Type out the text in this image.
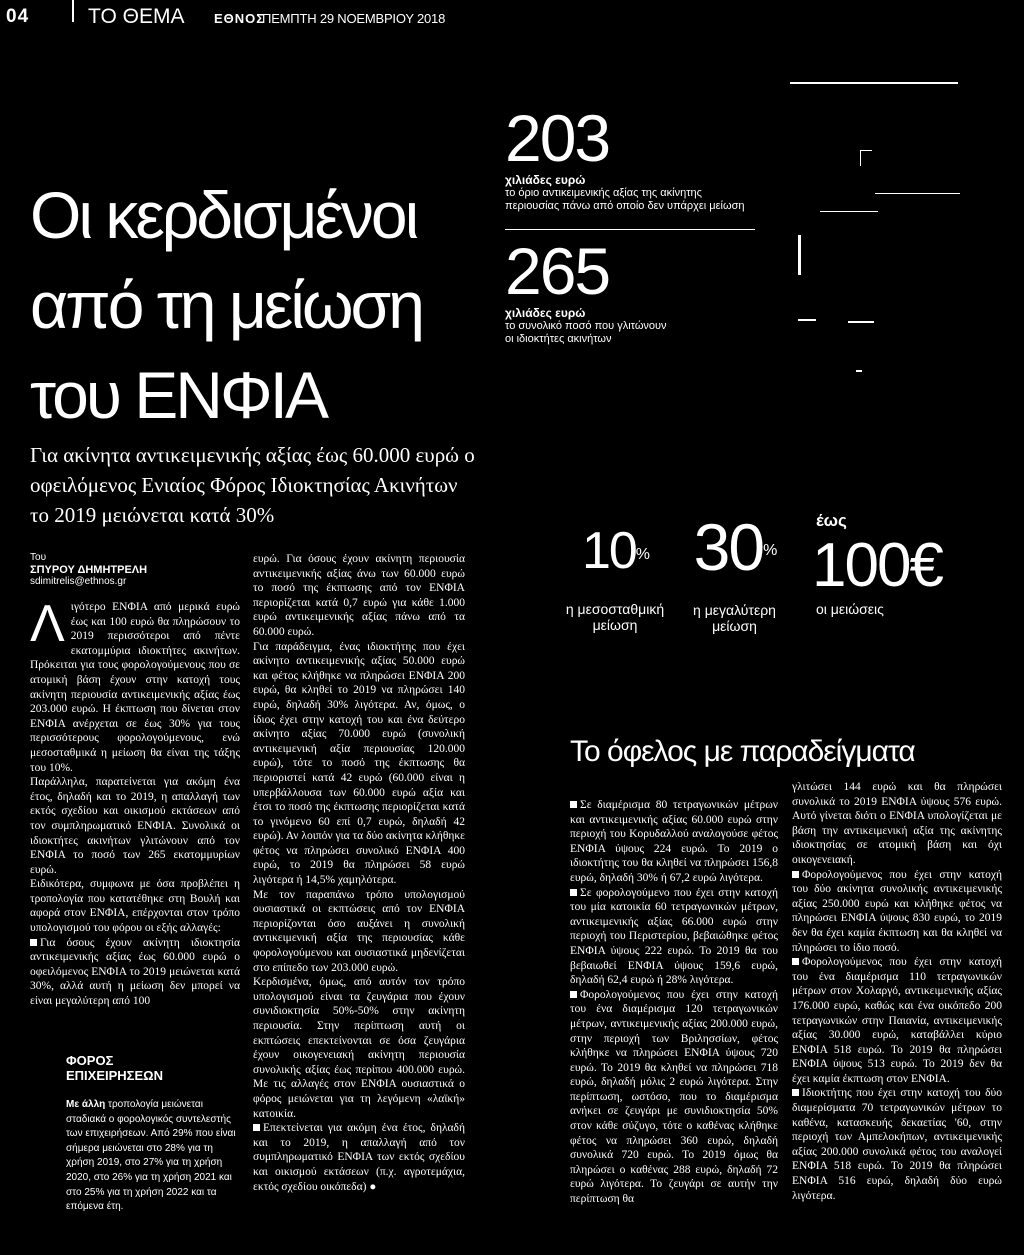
04	ΤΟ ΘΕΜΑ ΕΘΝΟΣ
ΠΕΜΠΤΗ 29 ΝΟΕΜΒΡΙΟΥ 2018
Οι κερδισμένοι
από τη μείωση
του ΕΝΦΙΑ
Για ακίνητα αντικειμενικής αξίας έως 60.000 ευρώ ο οφειλόμενος Ενιαίος Φόρος Ιδιοκτησίας Ακινήτων το 2019 μειώνεται κατά 30%
203
χιλιάδες ευρώ
το όριο αντικειμενικής αξίας της ακίνητης
περιουσίας πάνω από οποίο δεν υπάρχει μείωση
265
χιλιάδες ευρώ
το συνολικό ποσό που γλιτώνουν
οι ιδιοκτήτες ακινήτων
10%
η μεσοσταθμική
μείωση
30%
η μεγαλύτερη
μείωση
έως
100€
οι μειώσεις
Του
ΣΠΥΡΟΥ ΔΗΜΗΤΡΕΛΗ
sdimitrelis@ethnos.gr

Λιγότερο ΕΝΦΙΑ από μερικά ευρώ έως και 100 ευρώ θα πληρώσουν το 2019 περισσότεροι από πέντε εκατομμύρια ιδιοκτήτες ακινήτων. Πρόκειται για τους φορολογούμενους που σε ατομική βάση έχουν στην κατοχή τους ακίνητη περιουσία αντικειμενικής αξίας έως 203.000 ευρώ. Η έκπτωση που δίνεται στον ΕΝΦΙΑ ανέρχεται σε έως 30% για τους περισσότερους φορολογούμενους, ενώ μεσοσταθμικά η μείωση θα είναι της τάξης του 10%.

Παράλληλα, παρατείνεται για ακόμη ένα έτος, δηλαδή και το 2019, η απαλλαγή των εκτός σχεδίου και οικισμού εκτάσεων από τον συμπληρωματικό ΕΝΦΙΑ. Συνολικά οι ιδιοκτήτες ακινήτων γλιτώνουν από τον ΕΝΦΙΑ το ποσό των 265 εκατομμυρίων ευρώ.

Ειδικότερα, συμφωνα με όσα προβλέπει η τροπολογία που κατατέθηκε στη Βουλή και αφορά στον ΕΝΦΙΑ, επέρχονται στον τρόπο υπολογισμού του φόρου οι εξής αλλαγές:

Για όσους έχουν ακίνητη ιδιοκτησία αντικειμενικής αξίας έως 60.000 ευρώ ο οφειλόμενος ΕΝΦΙΑ το 2019 μειώνεται κατά 30%, αλλά αυτή η μείωση δεν μπορεί να είναι μεγαλύτερη από 100

ΦΟΡΟΣ
ΕΠΙΧΕΙΡΗΣΕΩΝ
Με άλλη τροπολογία μειώνεται σταδιακά ο φορολογικός συντελεστής των επιχειρήσεων. Από 29% που είναι σήμερα μειώνεται στο 28% για τη χρήση 2019, στο 27% για τη χρήση 2020, στο 26% για τη χρήση 2021 και στο 25% για τη χρήση 2022 και τα επόμενα έτη.

ευρώ. Για όσους έχουν ακίνητη περιουσία αντικειμενικής αξίας άνω των 60.000 ευρώ το ποσό της έκπτωσης από τον ΕΝΦΙΑ περιορίζεται κατά 0,7 ευρώ για κάθε 1.000 ευρώ αντικειμενικής αξίας πάνω από τα 60.000 ευρώ.

Για παράδειγμα, ένας ιδιοκτήτης που έχει ακίνητο αντικειμενικής αξίας 50.000 ευρώ και φέτος κλήθηκε να πληρώσει ΕΝΦΙΑ 200 ευρώ, θα κληθεί το 2019 να πληρώσει 140 ευρώ, δηλαδή 30% λιγότερα. Αν, όμως, ο ίδιος έχει στην κατοχή του και ένα δεύτερο ακίνητο αξίας 70.000 ευρώ (συνολική αντικειμενική αξία περιουσίας 120.000 ευρώ), τότε το ποσό της έκπτωσης θα περιοριστεί κατά 42 ευρώ (60.000 είναι η υπερβάλλουσα των 60.000 ευρώ αξία και έτσι το ποσό της έκπτωσης περιορίζεται κατά το γινόμενο 60 επί 0,7 ευρώ, δηλαδή 42 ευρώ). Αν λοιπόν για τα δύο ακίνητα κλήθηκε φέτος να πληρώσει συνολικό ΕΝΦΙΑ 400 ευρώ, το 2019 θα πληρώσει 58 ευρώ λιγότερα ή 14,5% χαμηλότερα.

Με τον παραπάνω τρόπο υπολογισμού ουσιαστικά οι εκπτώσεις από τον ΕΝΦΙΑ περιορίζονται όσο αυξάνει η συνολική αντικειμενική αξία της περιουσίας κάθε φορολογούμενου και ουσιαστικά μηδενίζεται στο επίπεδο των 203.000 ευρώ.

Κερδισμένα, όμως, από αυτόν τον τρόπο υπολογισμού είναι τα ζευγάρια που έχουν συνιδιοκτησία 50%-50% στην ακίνητη περιουσία. Στην περίπτωση αυτή οι εκπτώσεις επεκτείνονται σε όσα ζευγάρια έχουν οικογενειακή ακίνητη περιουσία συνολικής αξίας έως περίπου 400.000 ευρώ. Με τις αλλαγές στον ΕΝΦΙΑ ουσιαστικά ο φόρος μειώνεται για τη λεγόμενη «λαϊκή» κατοικία.

Επεκτείνεται για ακόμη ένα έτος, δηλαδή και το 2019, η απαλλαγή από τον συμπληρωματικό ΕΝΦΙΑ των εκτός σχεδίου και οικισμού εκτάσεων (π.χ. αγροτεμάχια, εκτός σχεδίου οικόπεδα) ●

Το όφελος με παραδείγματα

Σε διαμέρισμα 80 τετραγωνικών μέτρων και αντικειμενικής αξίας 60.000 ευρώ στην περιοχή του Κορυδαλλού αναλογούσε φέτος ΕΝΦΙΑ ύψους 224 ευρώ. Το 2019 ο ιδιοκτήτης του θα κληθεί να πληρώσει 156,8 ευρώ, δηλαδή 30% ή 67,2 ευρώ λιγότερα.

Σε φορολογούμενο που έχει στην κατοχή του μία κατοικία 60 τετραγωνικών μέτρων, αντικειμενικής αξίας 66.000 ευρώ στην περιοχή του Περιστερίου, βεβαιώθηκε φέτος ΕΝΦΙΑ ύψους 222 ευρώ. Το 2019 θα του βεβαιωθεί ΕΝΦΙΑ ύψους 159,6 ευρώ, δηλαδή 62,4 ευρώ ή 28% λιγότερα.

Φορολογούμενος που έχει στην κατοχή του ένα διαμέρισμα 120 τετραγωνικών μέτρων, αντικειμενικής αξίας 200.000 ευρώ, στην περιοχή των Βριλησσίων, φέτος κλήθηκε να πληρώσει ΕΝΦΙΑ ύψους 720 ευρώ. Το 2019 θα κληθεί να πληρώσει 718 ευρώ, δηλαδή μόλις 2 ευρώ λιγότερα. Στην περίπτωση, ωστόσο, που το διαμέρισμα ανήκει σε ζευγάρι με συνιδιοκτησία 50% στον κάθε σύζυγο, τότε ο καθένας κλήθηκε φέτος να πληρώσει 360 ευρώ, δηλαδή συνολικά 720 ευρώ. Το 2019 όμως θα πληρώσει ο καθένας 288 ευρώ, δηλαδή 72 ευρώ λιγότερα. Το ζευγάρι σε αυτήν την περίπτωση θα

γλιτώσει 144 ευρώ και θα πληρώσει συνολικά το 2019 ΕΝΦΙΑ ύψους 576 ευρώ. Αυτό γίνεται διότι ο ΕΝΦΙΑ υπολογίζεται με βάση την αντικειμενική αξία της ακίνητης ιδιοκτησίας σε ατομική βάση και όχι οικογενειακή.

Φορολογούμενος που έχει στην κατοχή του δύο ακίνητα συνολικής αντικειμενικής αξίας 250.000 ευρώ και κλήθηκε φέτος να πληρώσει ΕΝΦΙΑ ύψους 830 ευρώ, το 2019 δεν θα έχει καμία έκπτωση και θα κληθεί να πληρώσει το ίδιο ποσό.

Φορολογούμενος που έχει στην κατοχή του ένα διαμέρισμα 110 τετραγωνικών μέτρων στον Χολαργό, αντικειμενικής αξίας 176.000 ευρώ, καθώς και ένα οικόπεδο 200 τετραγωνικών στην Παιανία, αντικειμενικής αξίας 30.000 ευρώ, καταβάλλει κύριο ΕΝΦΙΑ 518 ευρώ. Το 2019 θα πληρώσει ΕΝΦΙΑ ύψους 513 ευρώ. Το 2019 δεν θα έχει καμία έκπτωση στον ΕΝΦΙΑ.

Ιδιοκτήτης που έχει στην κατοχή του δύο διαμερίσματα 70 τετραγωνικών μέτρων το καθένα, κατασκευής δεκαετίας '60, στην περιοχή των Αμπελοκήπων, αντικειμενικής αξίας 200.000 συνολικά φέτος του αναλογεί ΕΝΦΙΑ 518 ευρώ. Το 2019 θα πληρώσει ΕΝΦΙΑ 516 ευρώ, δηλαδή δύο ευρώ λιγότερα.
